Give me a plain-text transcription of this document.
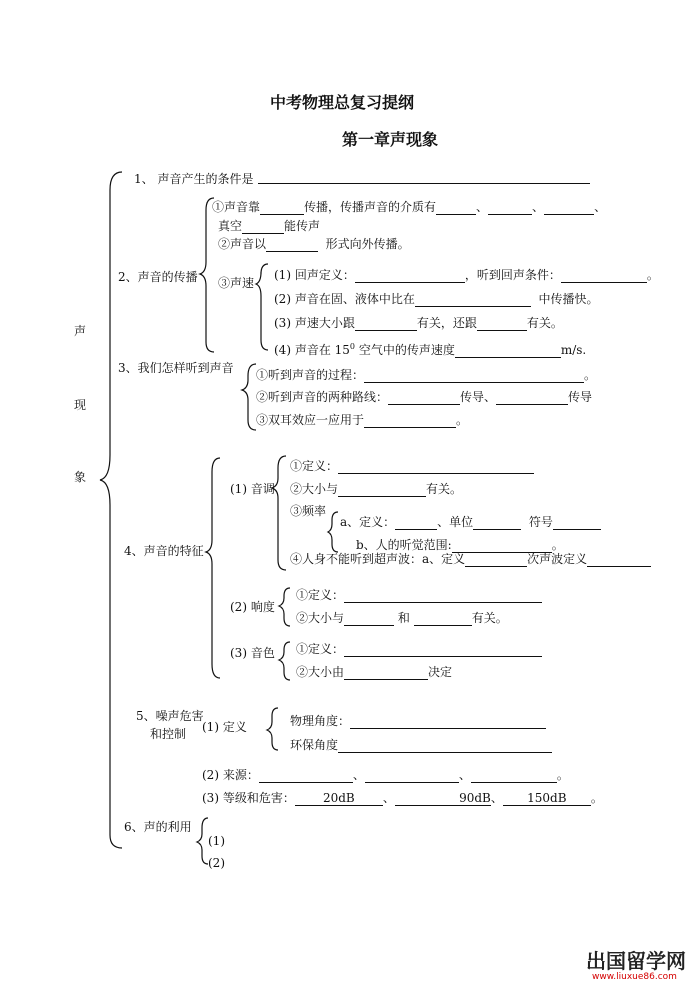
中考物理总复习提纲
第一章声现象
声
现
象
1、 声音产生的条件是
2、声音的传播
①声音靠	传播，传播声音的介质有	、	、	、
真空	能传声
②声音以	形式向外传播。
③声速
(1) 回声定义：	，听到回声条件：	。
(2) 声音在固、液体中比在	中传播快。
(3) 声速大小跟	有关，还跟	有关。
(4) 声音在 $15^0$ 空气中的传声速度	m/s.
3、我们怎样听到声音 ①听到声音的过程：	。
②听到声音的两种路线：	传导、	传导
③双耳效应一应用于	。
4、声音的特征
(1) 音调
①定义：
②大小与	有关。
③频率
a、定义：	、单位	符号
b、人的听觉范围:	。
④人身不能听到超声波：a、定义	次声波定义
(2) 响度
①定义：
②大小与	和	有关。
(3) 音色 ①定义：
②大小由	决定
5、噪声危害
和控制 (1) 定义	物理角度：
环保角度
(2) 来源：	、	、	。
(3) 等级和危害： 20dB 、	90dB、 150dB 。
6、声的利用
(1)
(2)
出国留学网
www.liuxue86.com
